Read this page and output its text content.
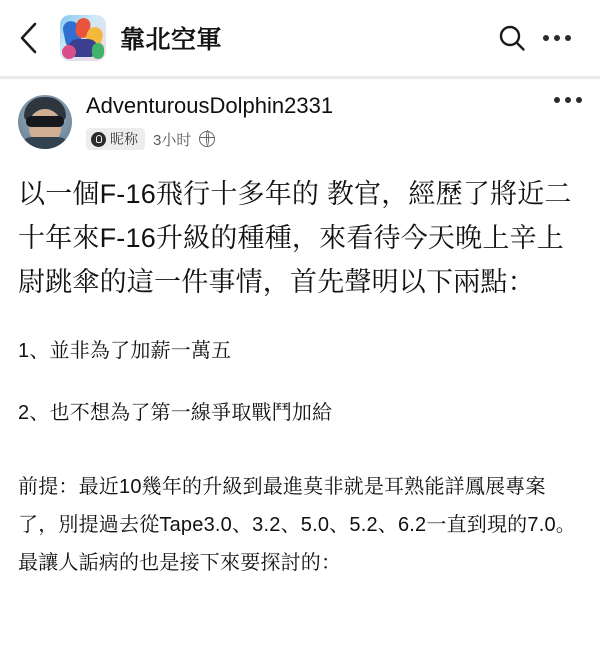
靠北空軍
AdventurousDolphin2331
昵称 3小时
以一個F-16飛行十多年的 教官，經歷了將近二十年來F-16升級的種種，來看待今天晚上辛上尉跳傘的這一件事情，首先聲明以下兩點：
1、並非為了加薪一萬五
2、也不想為了第一線爭取戰鬥加給
前提：最近10幾年的升級到最進莫非就是耳熟能詳鳳展專案了，別提過去從Tape3.0、3.2、5.0、5.2、6.2一直到現的7.0。最讓人詬病的也是接下來要探討的：
